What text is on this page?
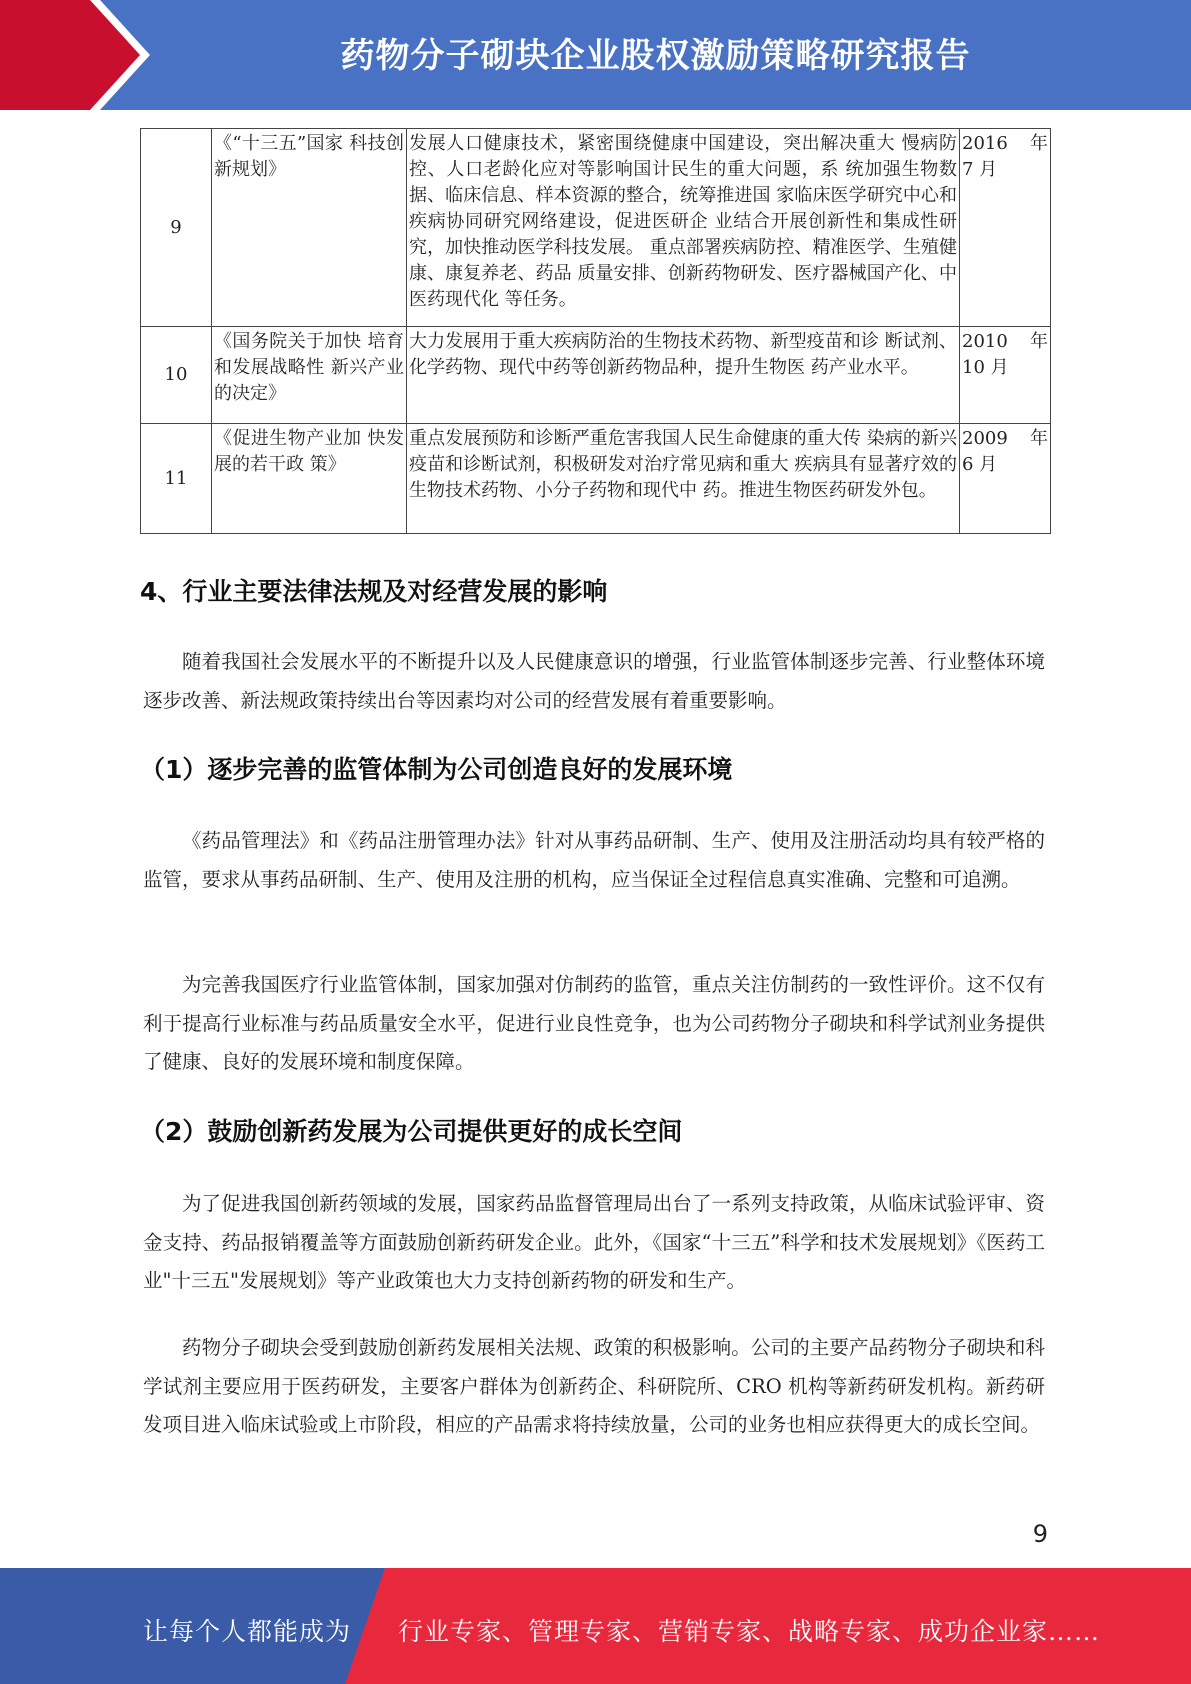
药物分子砌块企业股权激励策略研究报告
9	《“十三五”国家 科技创新规划》	发展人口健康技术，紧密围绕健康中国建设，突出解决重大 慢病防控、人口老龄化应对等影响国计民生的重大问题，系 统加强生物数据、临床信息、样本资源的整合，统筹推进国 家临床医学研究中心和疾病协同研究网络建设，促进医研企 业结合开展创新性和集成性研究，加快推动医学科技发展。 重点部署疾病防控、精准医学、生殖健康、康复养老、药品 质量安排、创新药物研发、医疗器械国产化、中医药现代化 等任务。	2016 年 7 月
10	《国务院关于加快 培育和发展战略性 新兴产业的决定》	大力发展用于重大疾病防治的生物技术药物、新型疫苗和诊 断试剂、化学药物、现代中药等创新药物品种，提升生物医 药产业水平。	2010 年 10 月
11	《促进生物产业加 快发展的若干政 策》	重点发展预防和诊断严重危害我国人民生命健康的重大传 染病的新兴疫苗和诊断试剂，积极研发对治疗常见病和重大 疾病具有显著疗效的生物技术药物、小分子药物和现代中 药。推进生物医药研发外包。	2009 年 6 月
4、行业主要法律法规及对经营发展的影响
随着我国社会发展水平的不断提升以及人民健康意识的增强，行业监管体制逐步完善、行业整体环境逐步改善、新法规政策持续出台等因素均对公司的经营发展有着重要影响。
（1）逐步完善的监管体制为公司创造良好的发展环境
《药品管理法》和《药品注册管理办法》针对从事药品研制、生产、使用及注册活动均具有较严格的监管，要求从事药品研制、生产、使用及注册的机构，应当保证全过程信息真实准确、完整和可追溯。
为完善我国医疗行业监管体制，国家加强对仿制药的监管，重点关注仿制药的一致性评价。这不仅有利于提高行业标准与药品质量安全水平，促进行业良性竞争，也为公司药物分子砌块和科学试剂业务提供了健康、良好的发展环境和制度保障。
（2）鼓励创新药发展为公司提供更好的成长空间
为了促进我国创新药领域的发展，国家药品监督管理局出台了一系列支持政策，从临床试验评审、资金支持、药品报销覆盖等方面鼓励创新药研发企业。此外，《国家“十三五”科学和技术发展规划》《医药工业"十三五"发展规划》等产业政策也大力支持创新药物的研发和生产。
药物分子砌块会受到鼓励创新药发展相关法规、政策的积极影响。公司的主要产品药物分子砌块和科学试剂主要应用于医药研发，主要客户群体为创新药企、科研院所、CRO 机构等新药研发机构。新药研发项目进入临床试验或上市阶段，相应的产品需求将持续放量，公司的业务也相应获得更大的成长空间。
9
让每个人都能成为 行业专家、管理专家、营销专家、战略专家、成功企业家……
